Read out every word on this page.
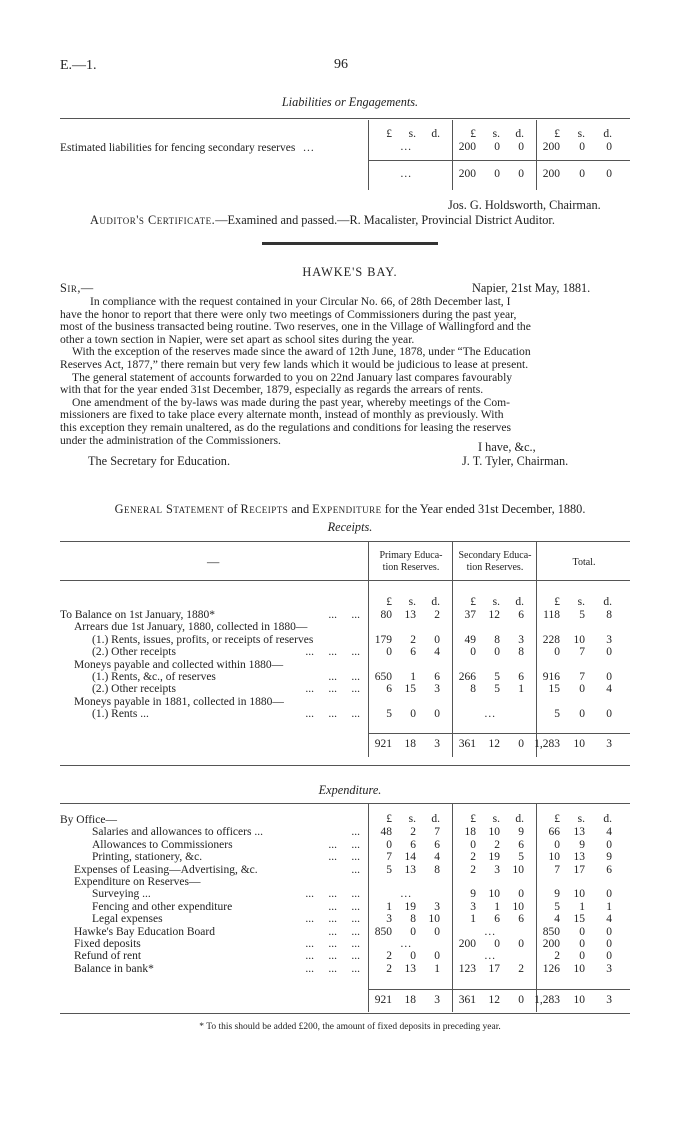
E.—1.	96
Liabilities or Engagements.
Estimated liabilities for fencing secondary reserves  ...
£	s.	d.	£	s.	d.	£	s.	d.
…	200	0	0	200	0	0
…	200	0	0	200	0	0
Jos. G. Holdsworth, Chairman.
Auditor's Certificate.—Examined and passed.—R. Macalister, Provincial District Auditor.
HAWKE'S BAY.
Sir,—	Napier, 21st May, 1881.
In compliance with the request contained in your Circular No. 66, of 28th December last, I
have the honor to report that there were only two meetings of Commissioners during the past year,
most of the business transacted being routine. Two reserves, one in the Village of Wallingford and the
other a town section in Napier, were set apart as school sites during the year.
With the exception of the reserves made since the award of 12th June, 1878, under “The Education
Reserves Act, 1877,” there remain but very few lands which it would be judicious to lease at present.
The general statement of accounts forwarded to you on 22nd January last compares favourably
with that for the year ended 31st December, 1879, especially as regards the arrears of rents.
One amendment of the by-laws was made during the past year, whereby meetings of the Com-
missioners are fixed to take place every alternate month, instead of monthly as previously. With
this exception they remain unaltered, as do the regulations and conditions for leasing the reserves
under the administration of the Commissioners.	I have, &c.,
The Secretary for Education.	J. T. Tyler, Chairman.
General Statement of Receipts and Expenditure for the Year ended 31st December, 1880.
Receipts.
—	Primary Educa-
tion Reserves.
Secondary Educa-
tion Reserves.	Total.
£	s.	d.	£	s.	d.	£	s.	d.
To Balance on 1st January, 1880*	...     ...	80	13	2	37	12	6	118	5	8
Arrears due 1st January, 1880, collected in 1880—
(1.) Rents, issues, profits, or receipts of reserves	179	2	0	49	8	3	228	10	3
(2.) Other receipts	...     ...     ...	0	6	4	0	0	8	0	7	0
Moneys payable and collected within 1880—
(1.) Rents, &c., of reserves	...     ...	650	1	6	266	5	6	916	7	0
(2.) Other receipts	...     ...     ...	6	15	3	8	5	1	15	0	4
Moneys payable in 1881, collected in 1880—
(1.) Rents ...	...     ...     ...	5	0	0	…	5	0	0
921	18	3	361	12	0 1,283	10	3
Expenditure.
£	s.	d.	£	s.	d.	£	s.	d.
By Office—
Salaries and allowances to officers ...	...	48	2	7	18	10	9	66	13	4
Allowances to Commissioners	...     ...	0	6	6	0	2	6	0	9	0
Printing, stationery, &c.	...     ...	7	14	4	2	19	5	10	13	9
Expenses of Leasing—Advertising, &c.	...	5	13	8	2	3	10	7	17	6
Expenditure on Reserves—
Surveying ...	...     ...     ...	…	9	10	0	9	10	0
Fencing and other expenditure	...     ...	1	19	3	3	1	10	5	1	1
Legal expenses	...     ...     ...	3	8	10	1	6	6	4	15	4
Hawke's Bay Education Board	...     ...	850	0	0	…	850	0	0
Fixed deposits	...     ...     ...	…	200	0	0	200	0	0
Refund of rent	...     ...     ...	2	0	0	…	2	0	0
Balance in bank*	...     ...     ...	2	13	1	123	17	2	126	10	3
921	18	3	361	12	0 1,283	10	3
* To this should be added £200, the amount of fixed deposits in preceding year.
